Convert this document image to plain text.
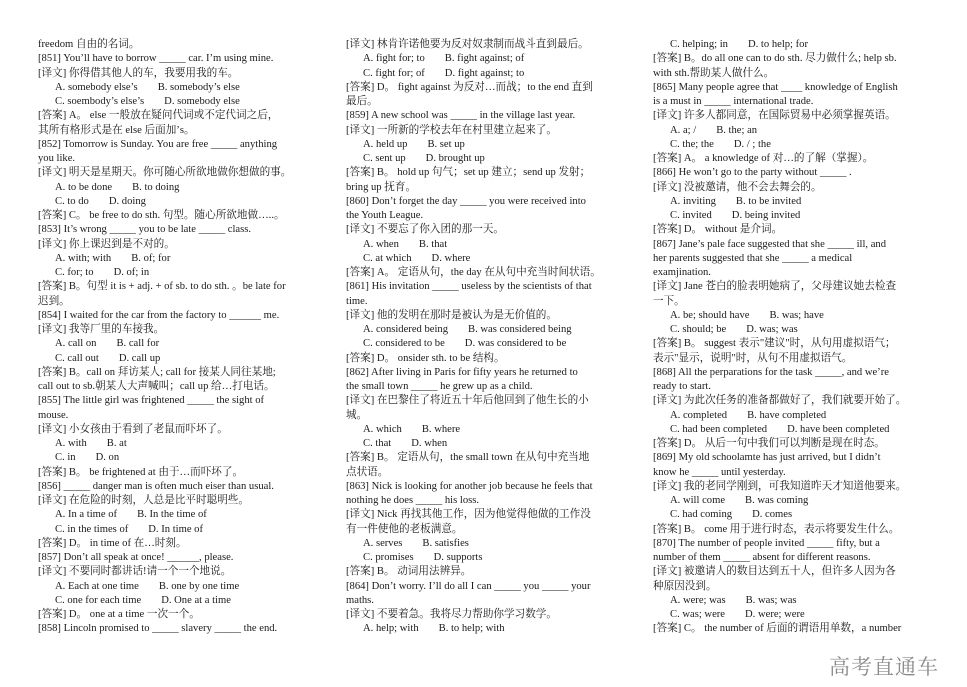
freedom 自由的名词。
[851] You’ll have to borrow _____ car. I’m using mine.
[译文] 你得借其他人的车，我要用我的车。
A. somebody else’s B. somebody’s else
C. soembody’s else’s D. somebody else
[答案] A。 else 一般放在疑问代词或不定代词之后，
其所有格形式是在 else 后面加’s。
[852] Tomorrow is Sunday. You are free _____ anything
you like.
[译文] 明天是星期天。你可随心所欲地做你想做的事。
A. to be done B. to doing
C. to do D. doing
[答案] C。 be free to do sth. 句型。随心所欲地做…..。
[853] It’s wrong _____ you to be late _____ class.
[译文] 你上课迟到是不对的。
A. with; with B. of; for
C. for; to D. of; in
[答案] B。句型 it is + adj. + of sb. to do sth. 。be late for
迟到。
[854] I waited for the car from the factory to ______ me.
[译文] 我等厂里的车接我。
A. call on B. call for
C. call out D. call up
[答案] B。call on 拜访某人; call for 接某人同往某地;
call out to sb.朝某人大声喊叫；call up 给…打电话。
[855] The little girl was frightened _____ the sight of
mouse.
[译文] 小女孩由于看到了老鼠而吓坏了。
A. with B. at
C. in D. on
[答案] B。 be frightened at 由于…而吓坏了。
[856] _____ danger man is often much eiser than usual.
[译文] 在危险的时刻，人总是比平时聪明些。
A. In a time of B. In the time of
C. in the times of D. In time of
[答案] D。 in time of 在…时刻。
[857] Don’t all speak at once! ______, please.
[译文] 不要同时都讲话!请一个一个地说。
A. Each at one time B. one by one time
C. one for each time D. One at a time
[答案] D。 one at a time 一次一个。
[858] Lincoln promised to _____ slavery _____ the end.
[译文] 林肯许诺他要为反对奴隶制而战斗直到最后。
A. fight for; to B. fight against; of
C. fight for; of D. fight against; to
[答案] D。 fight against 为反对…而战；to the end 直到
最后。
[859] A new school was _____ in the village last year.
[译文] 一所新的学校去年在村里建立起来了。
A. held up B. set up
C. sent up D. brought up
[答案] B。 hold up 句气；set up 建立；send up 发射；
bring up 抚育。
[860] Don’t forget the day _____ you were received into
the Youth League.
[译文] 不要忘了你入团的那一天。
A. when B. that
C. at which D. where
[答案] A。 定语从句，the day 在从句中充当时间状语。
[861] His invitation _____ useless by the scientists of that
time.
[译文] 他的发明在那时是被认为是无价值的。
A. considered being B. was considered being
C. considered to be D. was considered to be
[答案] D。 onsider sth. to be 结构。
[862] After living in Paris for fifty years he returned to
the small town _____ he grew up as a child.
[译文] 在巴黎住了将近五十年后他回到了他生长的小
城。
A. which B. where
C. that D. when
[答案] B。 定语从句，the small town 在从句中充当地
点状语。
[863] Nick is looking for another job because he feels that
nothing he does _____ his loss.
[译文] Nick 再找其他工作，因为他觉得他做的工作没
有一件使他的老板满意。
A. serves B. satisfies
C. promises D. supports
[答案] B。 动词用法辨异。
[864] Don’t worry. I’ll do all I can _____ you _____ your
maths.
[译文] 不要着急。我将尽力帮助你学习数学。
A. help; with B. to help; with
C. helping; in D. to help; for
[答案] B。do all one can to do sth. 尽力做什么; help sb.
with sth.帮助某人做什么。
[865] Many people agree that ____ knowledge of English
is a must in _____ international trade.
[译文] 许多人都同意，在国际贸易中必须掌握英语。
A. a; / B. the; an
C. the; the D. / ; the
[答案] A。 a knowledge of 对…的了解（掌握）。
[866] He won’t go to the party without _____ .
[译文] 没被邀请，他不会去舞会的。
A. inviting B. to be invited
C. invited D. being invited
[答案] D。 without 是介词。
[867] Jane’s pale face suggested that she _____ ill, and
her parents suggested that she _____ a medical
examjination.
[译文] Jane 苍白的脸表明她病了，父母建议她去检查
一下。
A. be; should have B. was; have
C. should; be D. was; was
[答案] B。 suggest 表示"建议"时，从句用虚拟语气；
表示"显示，说明"时，从句不用虚拟语气。
[868] All the perparations for the task _____, and we’re
ready to start.
[译文] 为此次任务的准备都做好了，我们就要开始了。
A. completed B. have completed
C. had been completed D. have been completed
[答案] D。 从后一句中我们可以判断是现在时态。
[869] My old schoolamte has just arrived, but I didn’t
know he _____ until yesterday.
[译文] 我的老同学刚到，可我知道昨天才知道他要来。
A. will come B. was coming
C. had coming D. comes
[答案] B。 come 用于进行时态，表示将要发生什么。
[870] The number of people invited _____ fifty, but a
number of them _____ absent for different reasons.
[译文] 被邀请人的数目达到五十人，但许多人因为各
种原因没到。
A. were; was B. was; was
C. was; were D. were; were
[答案] C。 the number of 后面的谓语用单数，a number
高考直通车
